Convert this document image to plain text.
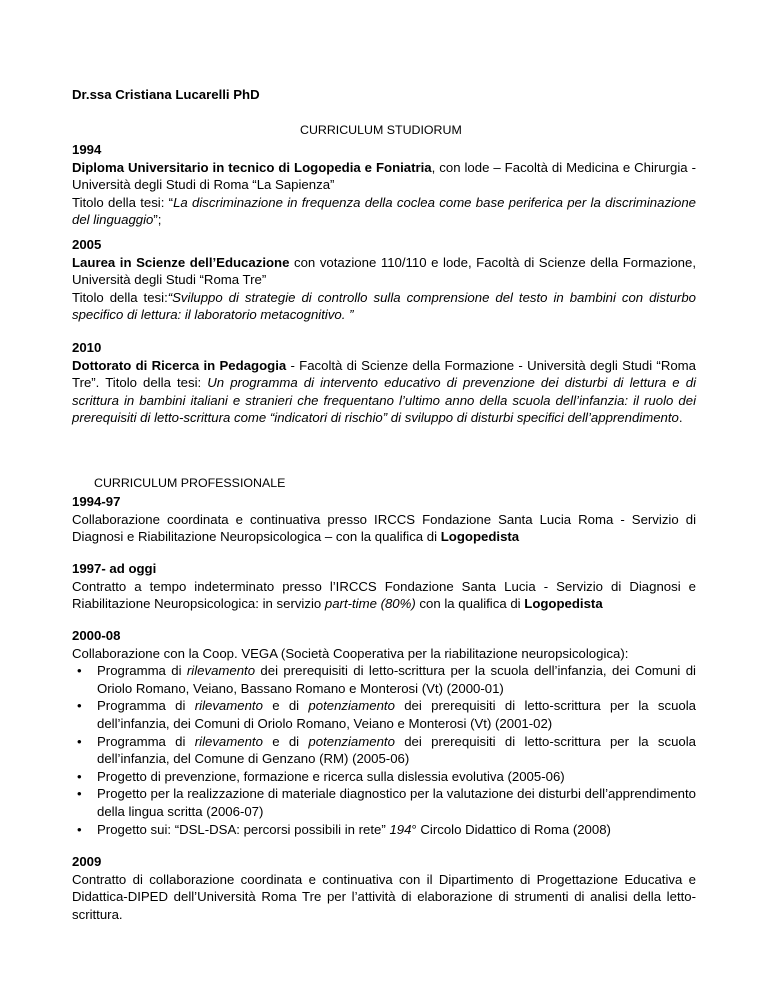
Dr.ssa Cristiana Lucarelli PhD
CURRICULUM STUDIORUM
1994
Diploma Universitario in tecnico di Logopedia e Foniatria, con lode – Facoltà di Medicina e Chirurgia - Università degli Studi di Roma “La Sapienza”
Titolo della tesi: “La discriminazione in frequenza della coclea come base periferica per la discriminazione del linguaggio”;
2005
Laurea in Scienze dell’Educazione con votazione 110/110 e lode, Facoltà di Scienze della Formazione, Università degli Studi “Roma Tre”
Titolo della tesi:“Sviluppo di strategie di controllo sulla comprensione del testo in bambini con disturbo specifico di lettura: il laboratorio metacognitivo. ”
2010
Dottorato di Ricerca in Pedagogia - Facoltà di Scienze della Formazione - Università degli Studi “Roma Tre”. Titolo della tesi: Un programma di intervento educativo di prevenzione dei disturbi di lettura e di scrittura in bambini italiani e stranieri che frequentano l’ultimo anno della scuola dell’infanzia: il ruolo dei prerequisiti di letto-scrittura come “indicatori di rischio” di sviluppo di disturbi specifici dell’apprendimento.
CURRICULUM PROFESSIONALE
1994-97
Collaborazione coordinata e continuativa presso IRCCS Fondazione Santa Lucia Roma - Servizio di Diagnosi e Riabilitazione Neuropsicologica – con la qualifica di Logopedista
1997- ad oggi
Contratto a tempo indeterminato presso l’IRCCS Fondazione Santa Lucia - Servizio di Diagnosi e Riabilitazione Neuropsicologica: in servizio part-time (80%) con la qualifica di Logopedista
2000-08
Collaborazione con la Coop. VEGA (Società Cooperativa per la riabilitazione neuropsicologica):
• Programma di rilevamento dei prerequisiti di letto-scrittura per la scuola dell’infanzia, dei Comuni di Oriolo Romano, Veiano, Bassano Romano e Monterosi (Vt) (2000-01)
• Programma di rilevamento e di potenziamento dei prerequisiti di letto-scrittura per la scuola dell’infanzia, dei Comuni di Oriolo Romano, Veiano e Monterosi (Vt) (2001-02)
• Programma di rilevamento e di potenziamento dei prerequisiti di letto-scrittura per la scuola dell’infanzia, del Comune di Genzano (RM) (2005-06)
• Progetto di prevenzione, formazione e ricerca sulla dislessia evolutiva (2005-06)
• Progetto per la realizzazione di materiale diagnostico per la valutazione dei disturbi dell’apprendimento della lingua scritta (2006-07)
• Progetto sui: “DSL-DSA: percorsi possibili in rete” 194° Circolo Didattico di Roma (2008)
2009
Contratto di collaborazione coordinata e continuativa con il Dipartimento di Progettazione Educativa e Didattica-DIPED dell’Università Roma Tre per l’attività di elaborazione di strumenti di analisi della letto-scrittura.
